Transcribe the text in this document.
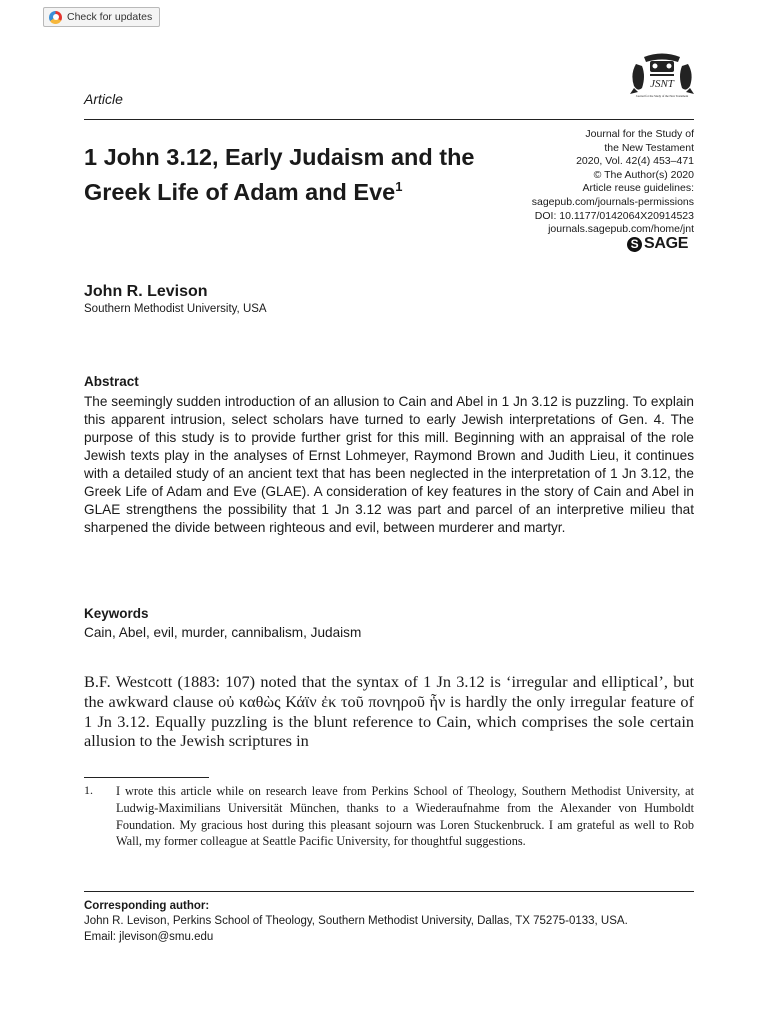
Check for updates
JSNT
Journal for the Study of the New Testament
Article
1 John 3.12, Early Judaism and the Greek Life of Adam and Eve$^1$
Journal for the Study of
the New Testament
2020, Vol. 42(4) 453–471
© The Author(s) 2020
Article reuse guidelines:
sagepub.com/journals-permissions
DOI: 10.1177/0142064X20914523
journals.sagepub.com/home/jnt
S SAGE
John R. Levison
Southern Methodist University, USA
Abstract

The seemingly sudden introduction of an allusion to Cain and Abel in 1 Jn 3.12 is puzzling. To explain this apparent intrusion, select scholars have turned to early Jewish interpretations of Gen. 4. The purpose of this study is to provide further grist for this mill. Beginning with an appraisal of the role Jewish texts play in the analyses of Ernst Lohmeyer, Raymond Brown and Judith Lieu, it continues with a detailed study of an ancient text that has been neglected in the interpretation of 1 Jn 3.12, the Greek Life of Adam and Eve (GLAE). A consideration of key features in the story of Cain and Abel in GLAE strengthens the possibility that 1 Jn 3.12 was part and parcel of an interpretive milieu that sharpened the divide between righteous and evil, between murderer and martyr.

Keywords
Cain, Abel, evil, murder, cannibalism, Judaism

B.F. Westcott (1883: 107) noted that the syntax of 1 Jn 3.12 is ‘irregular and elliptical’, but the awkward clause οὐ καθὼς Κάϊν ἐκ τοῦ πονηροῦ ἦν is hardly the only irregular feature of 1 Jn 3.12. Equally puzzling is the blunt reference to Cain, which comprises the sole certain allusion to the Jewish scriptures in

1. I wrote this article while on research leave from Perkins School of Theology, Southern Methodist University, at Ludwig-Maximilians Universität München, thanks to a Wiederaufnahme from the Alexander von Humboldt Foundation. My gracious host during this pleasant sojourn was Loren Stuckenbruck. I am grateful as well to Rob Wall, my former colleague at Seattle Pacific University, for thoughtful suggestions.

Corresponding author:
John R. Levison, Perkins School of Theology, Southern Methodist University, Dallas, TX 75275-0133, USA.
Email: jlevison@smu.edu
